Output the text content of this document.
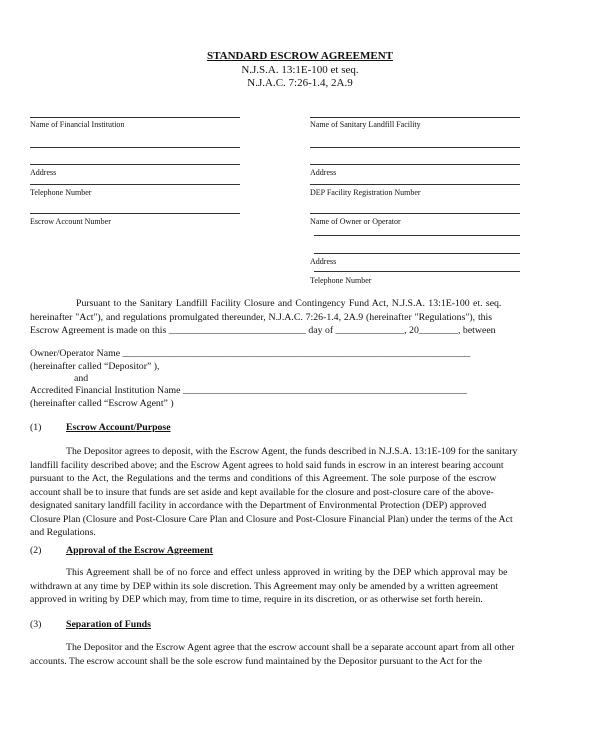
STANDARD ESCROW AGREEMENT
N.J.S.A. 13:1E-100 et seq.
N.J.A.C. 7:26-1.4, 2A.9
Name of Financial Institution
Address
Telephone Number
Escrow Account Number
Name of Sanitary Landfill Facility
Address
DEP Facility Registration Number
Name of Owner or Operator
Address
Telephone Number
Pursuant to the Sanitary Landfill Facility Closure and Contingency Fund Act, N.J.S.A. 13:1E-100 et. seq.
hereinafter "Act"), and regulations promulgated thereunder, N.J.A.C. 7:26-1.4, 2A.9 (hereinafter "Regulations"), this
Escrow Agreement is made on this ____________________________ day of ______________, 20________, between
Owner/Operator Name _______________________________________________________________________
(hereinafter called “Depositor” ),
and
Accredited Financial Institution Name __________________________________________________________
(hereinafter called “Escrow Agent” )
(1)	Escrow Account/Purpose
The Depositor agrees to deposit, with the Escrow Agent, the funds described in N.J.S.A. 13:1E-109 for the sanitary
landfill facility described above; and the Escrow Agent agrees to hold said funds in escrow in an interest bearing account
pursuant to the Act, the Regulations and the terms and conditions of this Agreement. The sole purpose of the escrow
account shall be to insure that funds are set aside and kept available for the closure and post-closure care of the above-
designated sanitary landfill facility in accordance with the Department of Environmental Protection (DEP) approved
Closure Plan (Closure and Post-Closure Care Plan and Closure and Post-Closure Financial Plan) under the terms of the Act
and Regulations.
(2)	Approval of the Escrow Agreement
This Agreement shall be of no force and effect unless approved in writing by the DEP which approval may be
withdrawn at any time by DEP within its sole discretion. This Agreement may only be amended by a written agreement
approved in writing by DEP which may, from time to time, require in its discretion, or as otherwise set forth herein.
(3)	Separation of Funds
The Depositor and the Escrow Agent agree that the escrow account shall be a separate account apart from all other
accounts. The escrow account shall be the sole escrow fund maintained by the Depositor pursuant to the Act for the
